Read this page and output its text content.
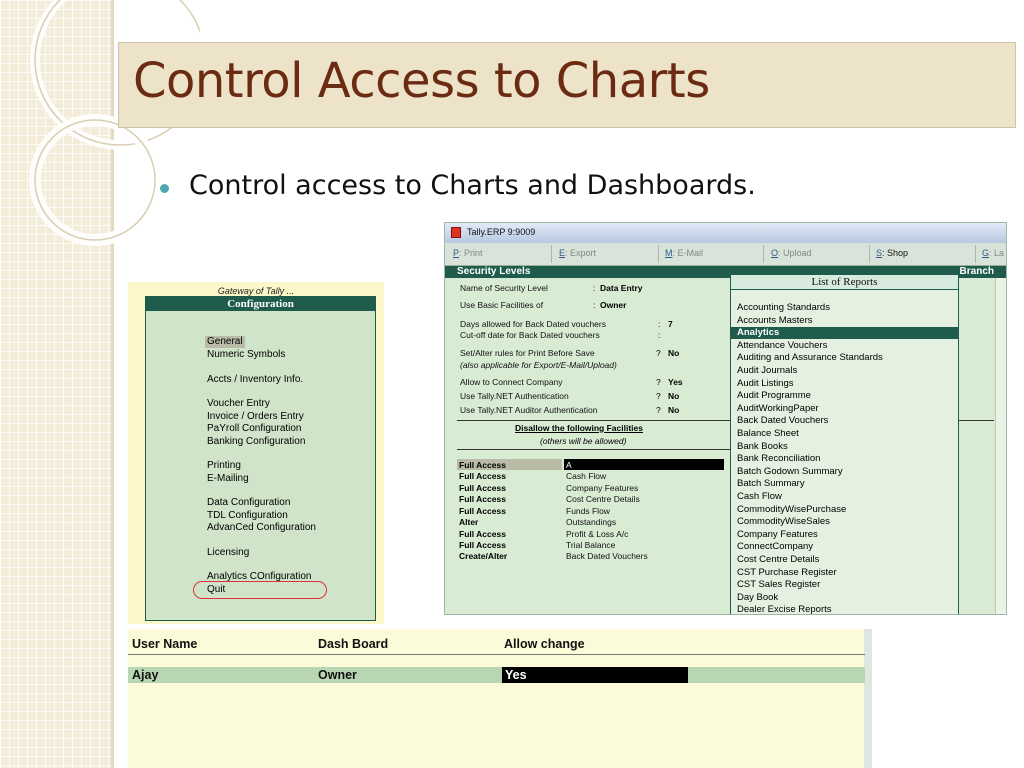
Control Access to Charts
Control access to Charts and Dashboards.
Gateway of Tally ...
Configuration
General
Numeric Symbols
Accts / Inventory Info.
Voucher Entry
Invoice / Orders Entry
PaYroll Configuration
Banking Configuration
Printing
E-Mailing
Data Configuration
TDL Configuration
AdvanCed Configuration
Licensing
Analytics COnfiguration
Quit
Tally.ERP 9:9009
P: Print	E: Export	M: E-Mail	O: Upload	S: Shop	G: La
Security Levels	Branch
Name of Security Level	: Data Entry
Use Basic Facilities of	: Owner
Days allowed for Back Dated vouchers	: 7
Cut-off date for Back Dated vouchers	:
Set/Alter rules for Print Before Save	? No
(also applicable for Export/E-Mail/Upload)
Allow to Connect Company	? Yes
Use Tally.NET Authentication	? No
Use Tally.NET Auditor Authentication	? No
Disallow the following Facilities
(others will be allowed)
Full Access	A
Full Access	Cash Flow
Full Access	Company Features
Full Access	Cost Centre Details
Full Access	Funds Flow
Alter	Outstandings
Full Access	Profit & Loss A/c
Full Access	Trial Balance
Create/Alter	Back Dated Vouchers
List of Reports
Accounting Standards
Accounts Masters
Analytics
Attendance Vouchers
Auditing and Assurance Standards
Audit Journals
Audit Listings
Audit Programme
AuditWorkingPaper
Back Dated Vouchers
Balance Sheet
Bank Books
Bank Reconciliation
Batch Godown Summary
Batch Summary
Cash Flow
CommodityWisePurchase
CommodityWiseSales
Company Features
ConnectCompany
Cost Centre Details
CST Purchase Register
CST Sales Register
Day Book
Dealer Excise Reports
User Name	Dash Board	Allow change
Ajay	Owner	Yes
